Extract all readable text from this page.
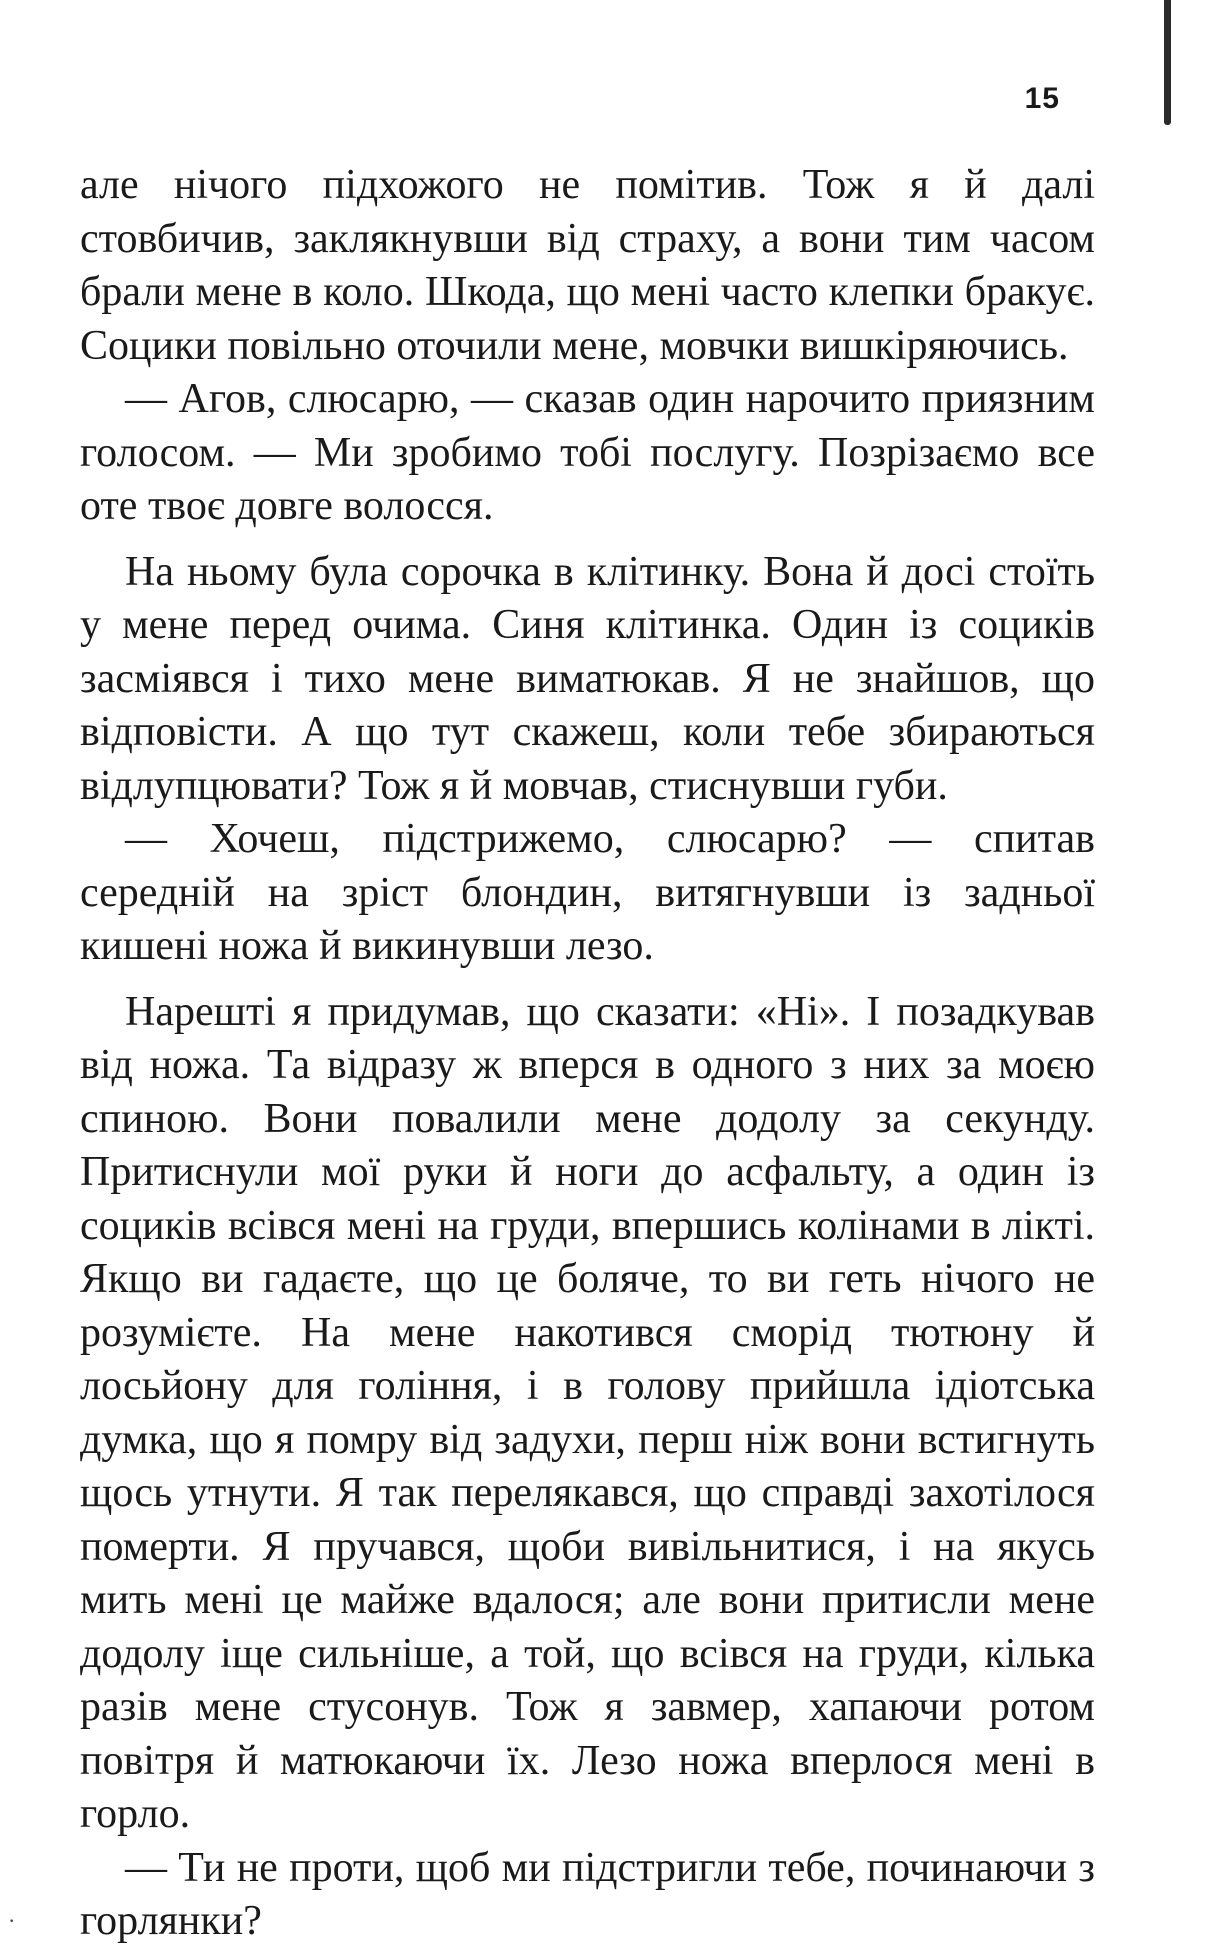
15

але нічого підхожого не помітив. Тож я й далі стовбичив, заклякнувши від страху, а вони тим часом брали мене в коло. Шкода, що мені часто клепки бракує. Социки повільно оточили мене, мовчки вишкіряючись.

— Агов, слюсарю, — сказав один нарочито приязним голосом. — Ми зробимо тобі послугу. Позрізаємо все оте твоє довге волосся.

На ньому була сорочка в клітинку. Вона й досі стоїть у мене перед очима. Синя клітинка. Один із социків засміявся і тихо мене виматюкав. Я не знайшов, що відповісти. А що тут скажеш, коли тебе збираються відлупцювати? Тож я й мовчав, стиснувши губи.

— Хочеш, підстрижемо, слюсарю? — спитав середній на зріст блондин, витягнувши із задньої кишені ножа й викинувши лезо.

Нарешті я придумав, що сказати: «Ні». І позадкував від ножа. Та відразу ж вперся в одного з них за моєю спиною. Вони повалили мене додолу за секунду. Притиснули мої руки й ноги до асфальту, а один із социків всівся мені на груди, впершись колінами в лікті. Якщо ви гадаєте, що це боляче, то ви геть нічого не розумієте. На мене накотився сморід тютюну й лосьйону для гоління, і в голову прийшла ідіотська думка, що я помру від задухи, перш ніж вони встигнуть щось утнути. Я так перелякався, що справді захотілося померти. Я пручався, щоби вивільнитися, і на якусь мить мені це майже вдалося; але вони притисли мене додолу іще сильніше, а той, що всівся на груди, кілька разів мене стусонув. Тож я завмер, хапаючи ротом повітря й матюкаючи їх. Лезо ножа вперлося мені в горло.

— Ти не проти, щоб ми підстригли тебе, починаючи з горлянки?

·
